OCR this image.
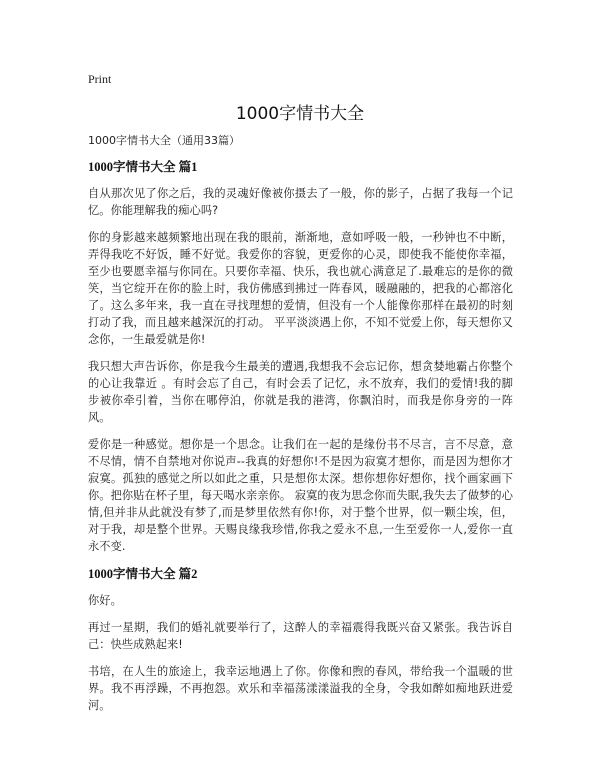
Print
1000字情书大全

1000字情书大全（通用33篇）

1000字情书大全 篇1

自从那次见了你之后，我的灵魂好像被你摄去了一般，你的影子，占据了我每一个记忆。你能理解我的痴心吗?

你的身影越来越频繁地出现在我的眼前，渐渐地，意如呼吸一般，一秒钟也不中断，弄得我吃不好饭，睡不好觉。我爱你的容貌，更爱你的心灵，即使我不能使你幸福，至少也要愿幸福与你同在。只要你幸福、快乐，我也就心满意足了.最难忘的是你的微笑，当它绽开在你的脸上时，我仿佛感到拂过一阵春风，暖融融的，把我的心都溶化了。这么多年来，我一直在寻找理想的爱情，但没有一个人能像你那样在最初的时刻打动了我，而且越来越深沉的打动。 平平淡淡遇上你，不知不觉爱上你，每天想你又念你，一生最爱就是你!

我只想大声告诉你，你是我今生最美的遭遇,我想我不会忘记你，想贪婪地霸占你整个的心让我靠近 。有时会忘了自己，有时会丢了记忆，永不放弃，我们的爱情!我的脚步被你牵引着，当你在哪停泊，你就是我的港湾，你飘泊时，而我是你身旁的一阵风。

爱你是一种感觉。想你是一个思念。让我们在一起的是缘份书不尽言，言不尽意，意不尽情，情不自禁地对你说声--我真的好想你!不是因为寂寞才想你，而是因为想你才寂寞。孤独的感觉之所以如此之重，只是想你太深。想你想你好想你，找个画家画下你。把你贴在杯子里，每天喝水亲亲你。 寂寞的夜为思念你而失眠,我失去了做梦的心情,但并非从此就没有梦了,而是梦里依然有你!你，对于整个世界，似一颗尘埃，但，对于我，却是整个世界。天赐良缘我珍惜,你我之爱永不息,一生至爱你一人,爱你一直永不变.

1000字情书大全 篇2

你好。

再过一星期，我们的婚礼就要举行了，这醉人的幸福震得我既兴奋又紧张。我告诉自己：快些成熟起来!

书培，在人生的旅途上，我幸运地遇上了你。你像和煦的春风，带给我一个温暖的世界。我不再浮躁，不再抱怨。欢乐和幸福荡漾漾溢我的全身，令我如醉如痴地跃进爱河。
